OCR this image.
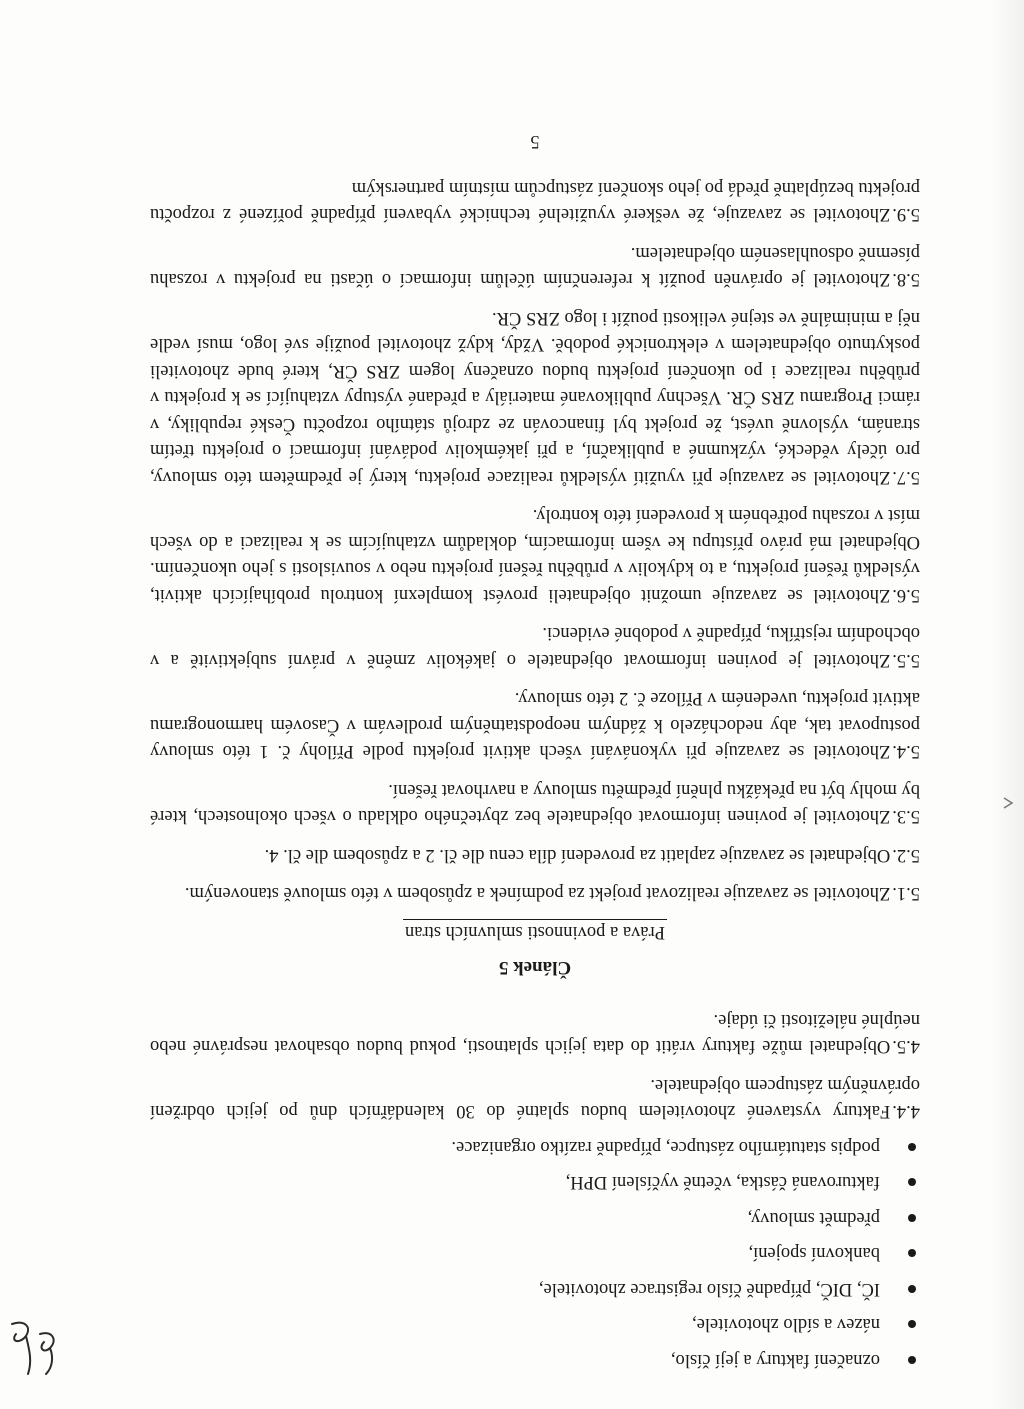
označení faktury a její číslo,
název a sídlo zhotovitele,
IČ, DIČ, případně číslo registrace zhotovitele,
bankovní spojení,
předmět smlouvy,
fakturovaná částka, včetně vyčíslení DPH,
podpis statutárního zástupce, případně razítko organizace.
4.4.Faktury vystavené zhotovitelem budou splatné do 30 kalendářních dnů po jejich obdržení oprávněným zástupcem objednatele.
4.5.Objednatel může faktury vrátit do data jejich splatnosti, pokud budou obsahovat nesprávné nebo neúplné náležitosti či údaje.
Článek 5
Práva a povinnosti smluvních stran
5.1.Zhotovitel se zavazuje realizovat projekt za podmínek a způsobem v této smlouvě stanoveným.
5.2.Objednatel se zavazuje zaplatit za provedení díla cenu dle čl. 2 a způsobem dle čl. 4.
5.3.Zhotovitel je povinen informovat objednatele bez zbytečného odkladu o všech okolnostech, které by mohly být na překážku plnění předmětu smlouvy a navrhovat řešení.
5.4.Zhotovitel se zavazuje při vykonávání všech aktivit projektu podle Přílohy č. 1 této smlouvy postupovat tak, aby nedocházelo k žádným neopodstatněným prodlevám v Časovém harmonogramu aktivit projektu, uvedeném v Příloze č. 2 této smlouvy.
5.5.Zhotovitel je povinen informovat objednatele o jakékoliv změně v právní subjektivitě a v obchodním rejstříku, případně v podobné evidenci.
5.6.Zhotovitel se zavazuje umožnit objednateli provést komplexní kontrolu probíhajících aktivit, výsledků řešení projektu, a to kdykoliv v průběhu řešení projektu nebo v souvislosti s jeho ukončením. Objednatel má právo přístupu ke všem informacím, dokladům vztahujícím se k realizaci a do všech míst v rozsahu potřebném k provedení této kontroly.
5.7.Zhotovitel se zavazuje při využití výsledků realizace projektu, který je předmětem této smlouvy, pro účely vědecké, výzkumné a publikační, a při jakémkoliv podávání informací o projektu třetím stranám, výslovně uvést, že projekt byl financován ze zdrojů státního rozpočtu České republiky, v rámci Programu ZRS ČR. Všechny publikované materiály a předané výstupy vztahující se k projektu v průběhu realizace i po ukončení projektu budou označeny logem ZRS ČR, které bude zhotoviteli poskytnuto objednatelem v elektronické podobě. Vždy, když zhotovitel použije své logo, musí vedle něj a minimálně ve stejné velikosti použít i logo ZRS ČR.
5.8.Zhotovitel je oprávněn použít k referenčním účelům informací o účasti na projektu v rozsahu písemně odsouhlaseném objednatelem.
5.9.Zhotovitel se zavazuje, že veškeré využitelné technické vybavení případně pořízené z rozpočtu projektu bezúplatně předá po jeho skončení zástupcům místním partnerským
5
